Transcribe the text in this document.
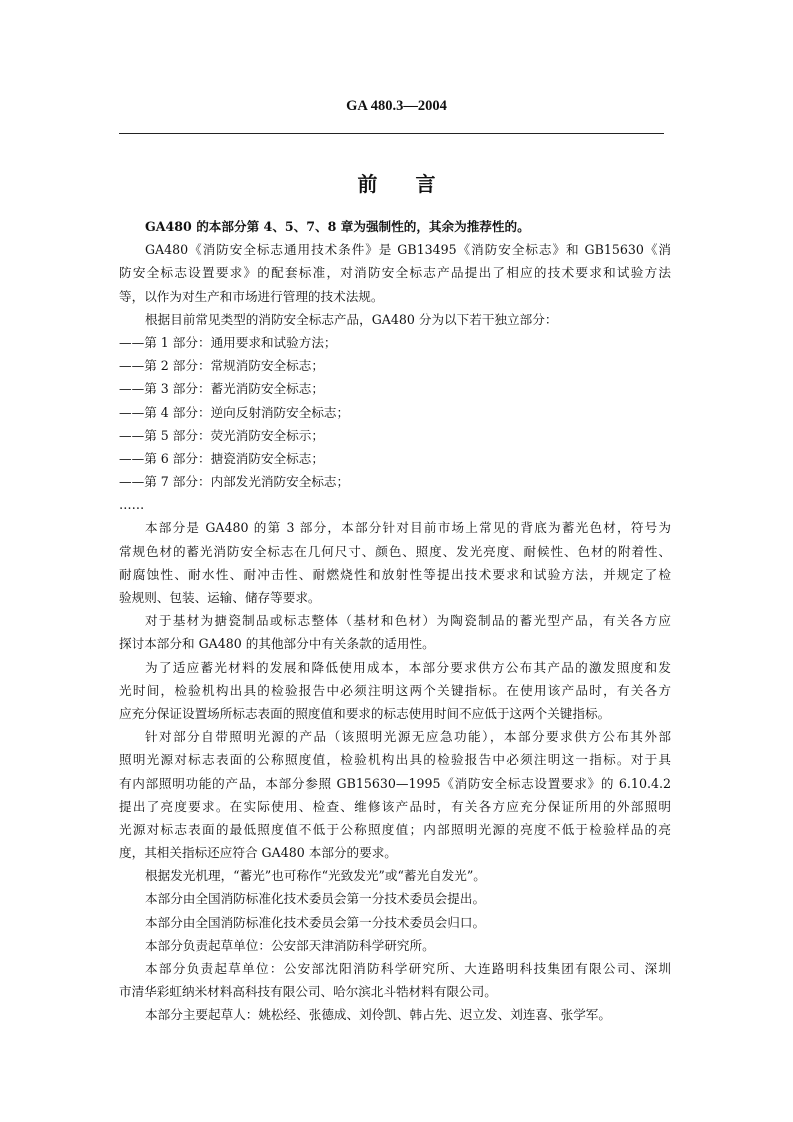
GA 480.3—2004
前 言
GA480 的本部分第 4、5、7、8 章为强制性的，其余为推荐性的。
GA480《消防安全标志通用技术条件》是 GB13495《消防安全标志》和 GB15630《消
防安全标志设置要求》的配套标准，对消防安全标志产品提出了相应的技术要求和试验方法
等，以作为对生产和市场进行管理的技术法规。
根据目前常见类型的消防安全标志产品，GA480 分为以下若干独立部分：
——第 1 部分：通用要求和试验方法；
——第 2 部分：常规消防安全标志；
——第 3 部分：蓄光消防安全标志；
——第 4 部分：逆向反射消防安全标志；
——第 5 部分：荧光消防安全标示；
——第 6 部分：搪瓷消防安全标志；
——第 7 部分：内部发光消防安全标志；
……
本部分是 GA480 的第 3 部分，本部分针对目前市场上常见的背底为蓄光色材，符号为
常规色材的蓄光消防安全标志在几何尺寸、颜色、照度、发光亮度、耐候性、色材的附着性、
耐腐蚀性、耐水性、耐冲击性、耐燃烧性和放射性等提出技术要求和试验方法，并规定了检
验规则、包装、运输、储存等要求。
对于基材为搪瓷制品或标志整体（基材和色材）为陶瓷制品的蓄光型产品，有关各方应
探讨本部分和 GA480 的其他部分中有关条款的适用性。
为了适应蓄光材料的发展和降低使用成本，本部分要求供方公布其产品的激发照度和发
光时间，检验机构出具的检验报告中必须注明这两个关键指标。在使用该产品时，有关各方
应充分保证设置场所标志表面的照度值和要求的标志使用时间不应低于这两个关键指标。
针对部分自带照明光源的产品（该照明光源无应急功能），本部分要求供方公布其外部
照明光源对标志表面的公称照度值，检验机构出具的检验报告中必须注明这一指标。对于具
有内部照明功能的产品，本部分参照 GB15630—1995《消防安全标志设置要求》的 6.10.4.2
提出了亮度要求。在实际使用、检查、维修该产品时，有关各方应充分保证所用的外部照明
光源对标志表面的最低照度值不低于公称照度值；内部照明光源的亮度不低于检验样品的亮
度，其相关指标还应符合 GA480 本部分的要求。
根据发光机理，“蓄光”也可称作“光致发光”或“蓄光自发光”。
本部分由全国消防标准化技术委员会第一分技术委员会提出。
本部分由全国消防标准化技术委员会第一分技术委员会归口。
本部分负责起草单位：公安部天津消防科学研究所。
本部分负责起草单位：公安部沈阳消防科学研究所、大连路明科技集团有限公司、深圳
市清华彩虹纳米材料高科技有限公司、哈尔滨北斗牿材料有限公司。
本部分主要起草人：姚松经、张德成、刘伶凯、韩占先、迟立发、刘连喜、张学军。
